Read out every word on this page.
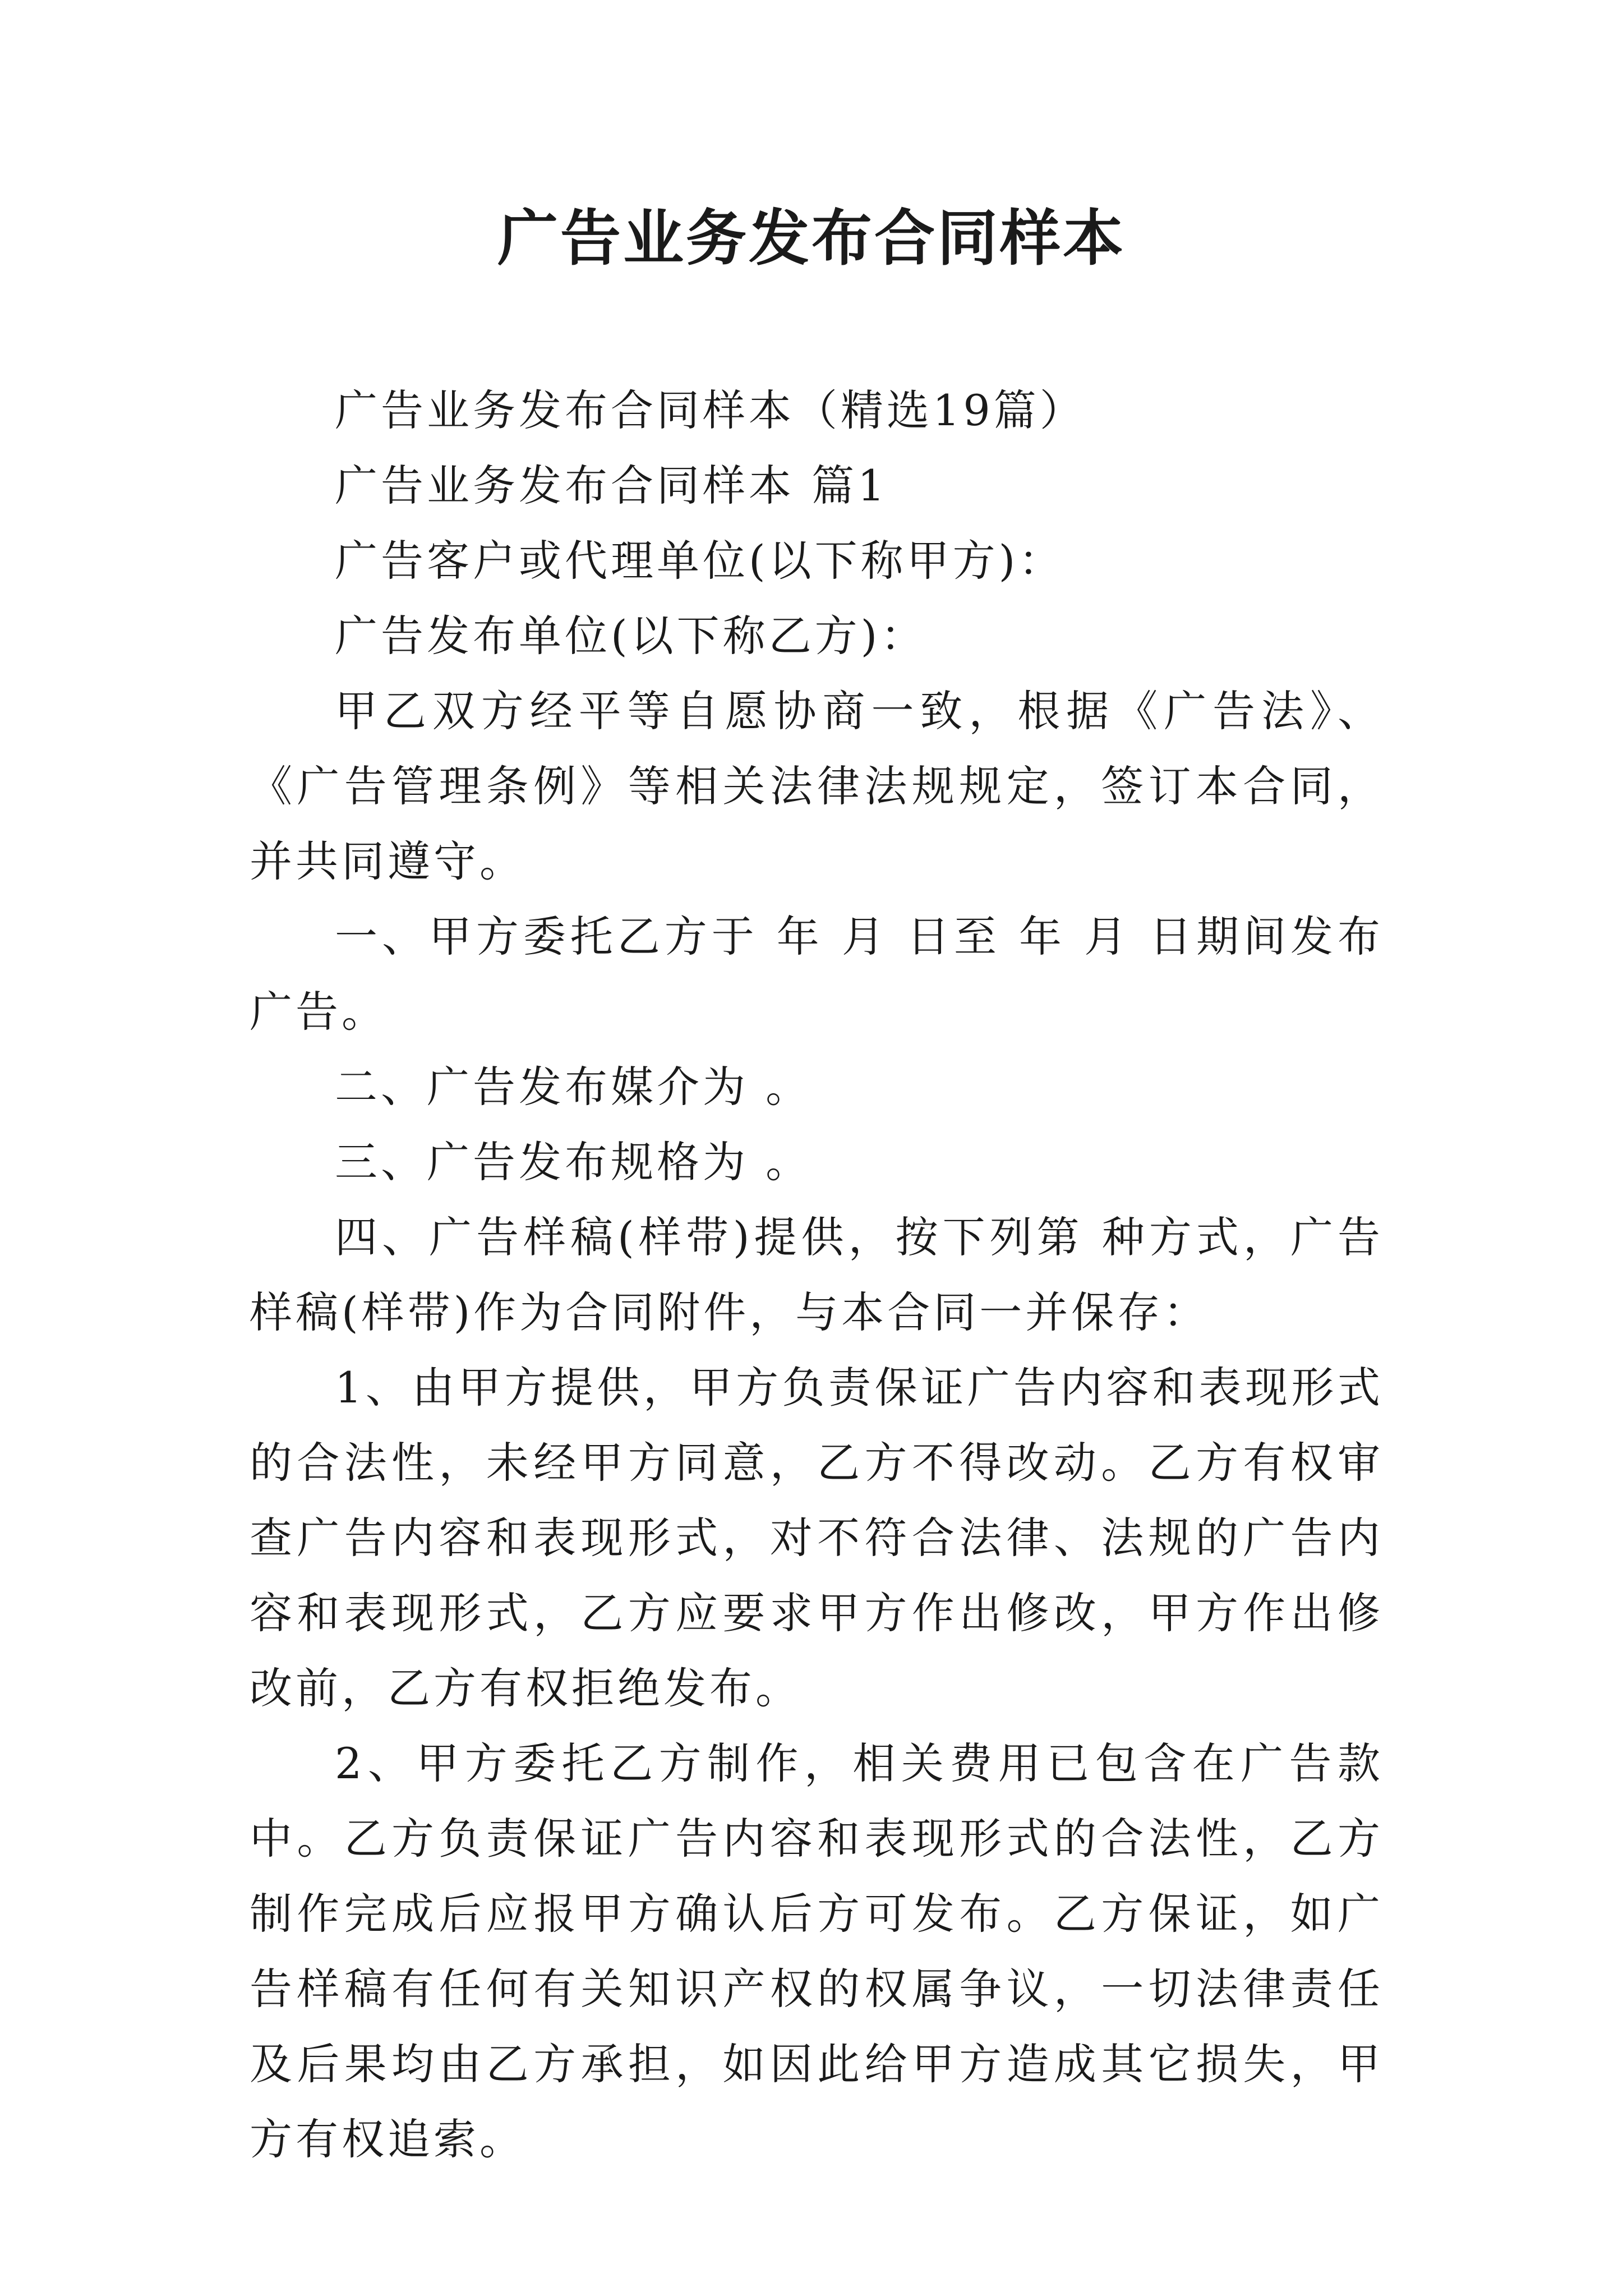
广告业务发布合同样本

广告业务发布合同样本（精选19篇）

广告业务发布合同样本 篇1

广告客户或代理单位(以下称甲方)：

广告发布单位(以下称乙方)：

甲乙双方经平等自愿协商一致，根据《广告法》、《广告管理条例》等相关法律法规规定，签订本合同，并共同遵守。

一、甲方委托乙方于 年 月 日至 年 月 日期间发布广告。

二、广告发布媒介为 。

三、广告发布规格为 。

四、广告样稿(样带)提供，按下列第 种方式，广告样稿(样带)作为合同附件，与本合同一并保存：

1、由甲方提供，甲方负责保证广告内容和表现形式的合法性，未经甲方同意，乙方不得改动。乙方有权审查广告内容和表现形式，对不符合法律、法规的广告内容和表现形式，乙方应要求甲方作出修改，甲方作出修改前，乙方有权拒绝发布。

2、甲方委托乙方制作，相关费用已包含在广告款中。乙方负责保证广告内容和表现形式的合法性，乙方制作完成后应报甲方确认后方可发布。乙方保证，如广告样稿有任何有关知识产权的权属争议，一切法律责任及后果均由乙方承担，如因此给甲方造成其它损失，甲方有权追索。
